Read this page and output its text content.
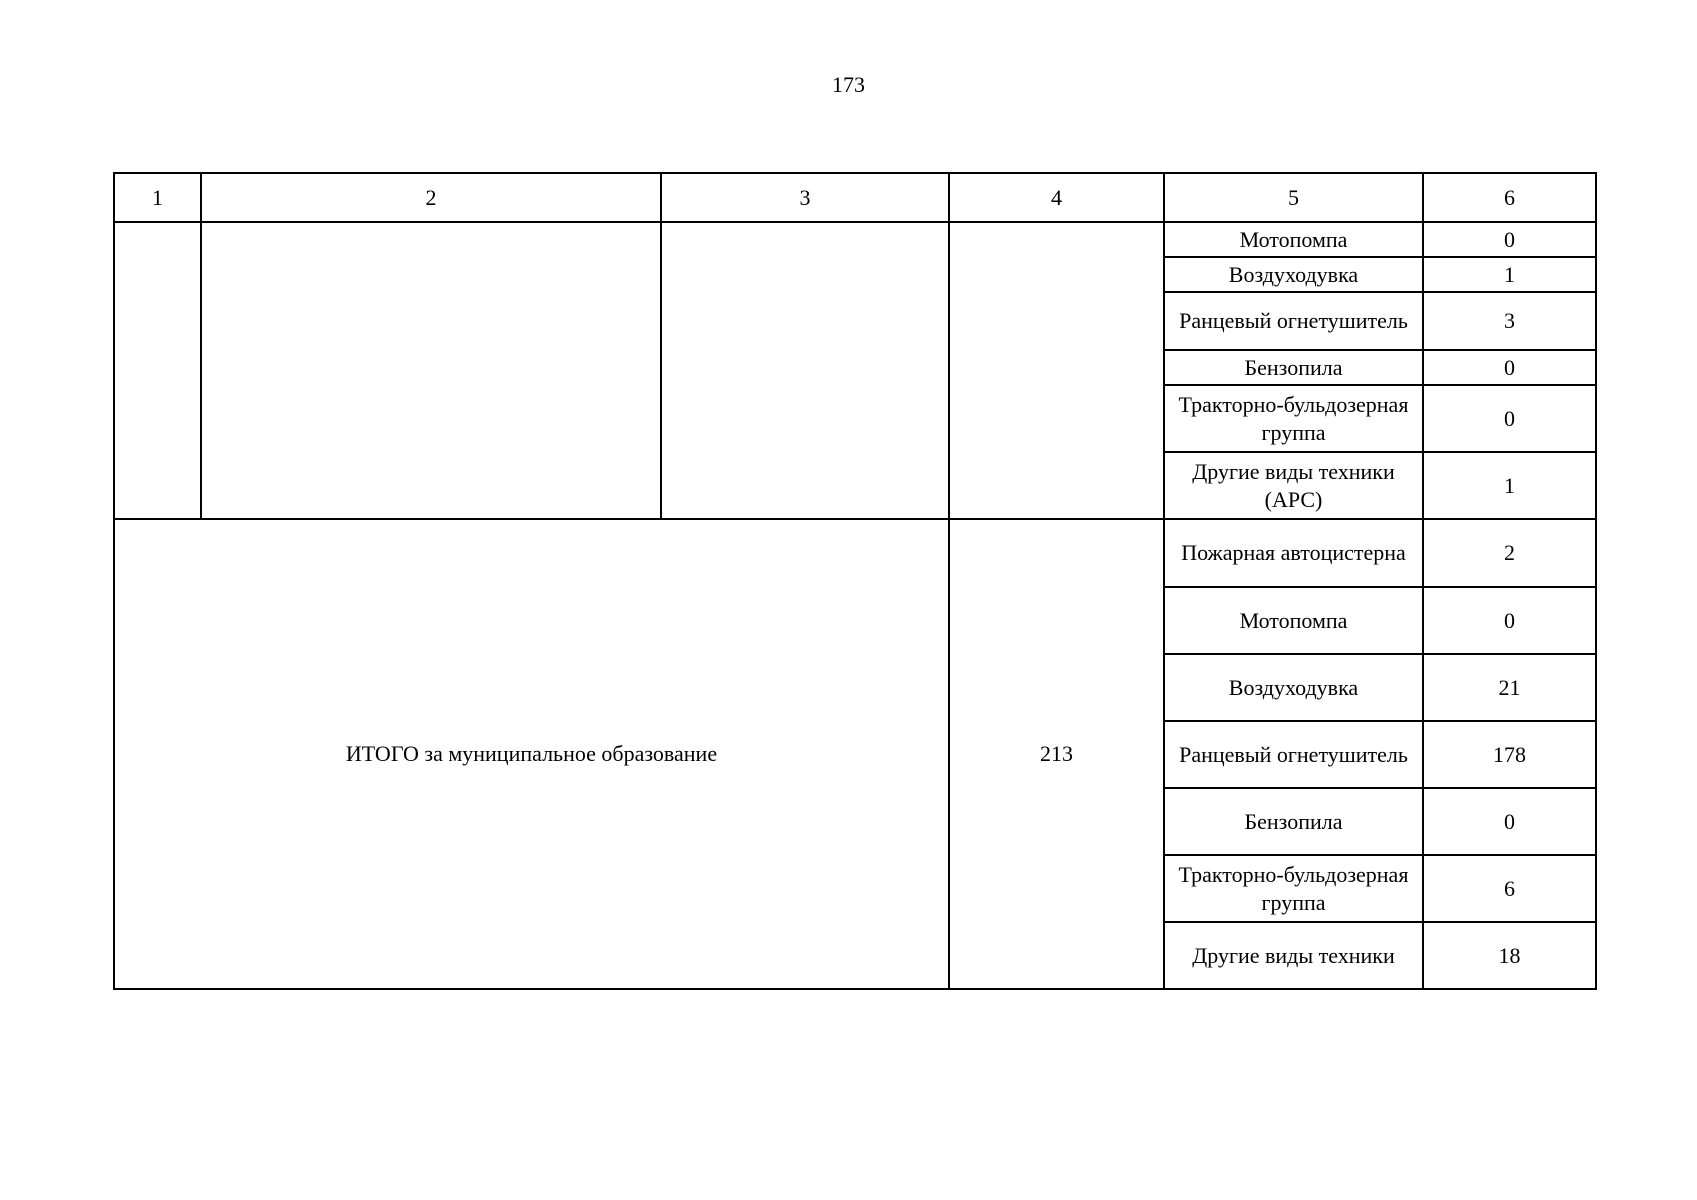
173
1	2	3	4	5	6
				Мотопомпа	0
				Воздуходувка	1
				Ранцевый огнетушитель	3
				Бензопила	0
				Тракторно-бульдозерная группа	0
				Другие виды техники (АРС)	1
ИТОГО за муниципальное образование			213	Пожарная автоцистерна	2
				Мотопомпа	0
				Воздуходувка	21
				Ранцевый огнетушитель	178
				Бензопила	0
				Тракторно-бульдозерная группа	6
				Другие виды техники	18
